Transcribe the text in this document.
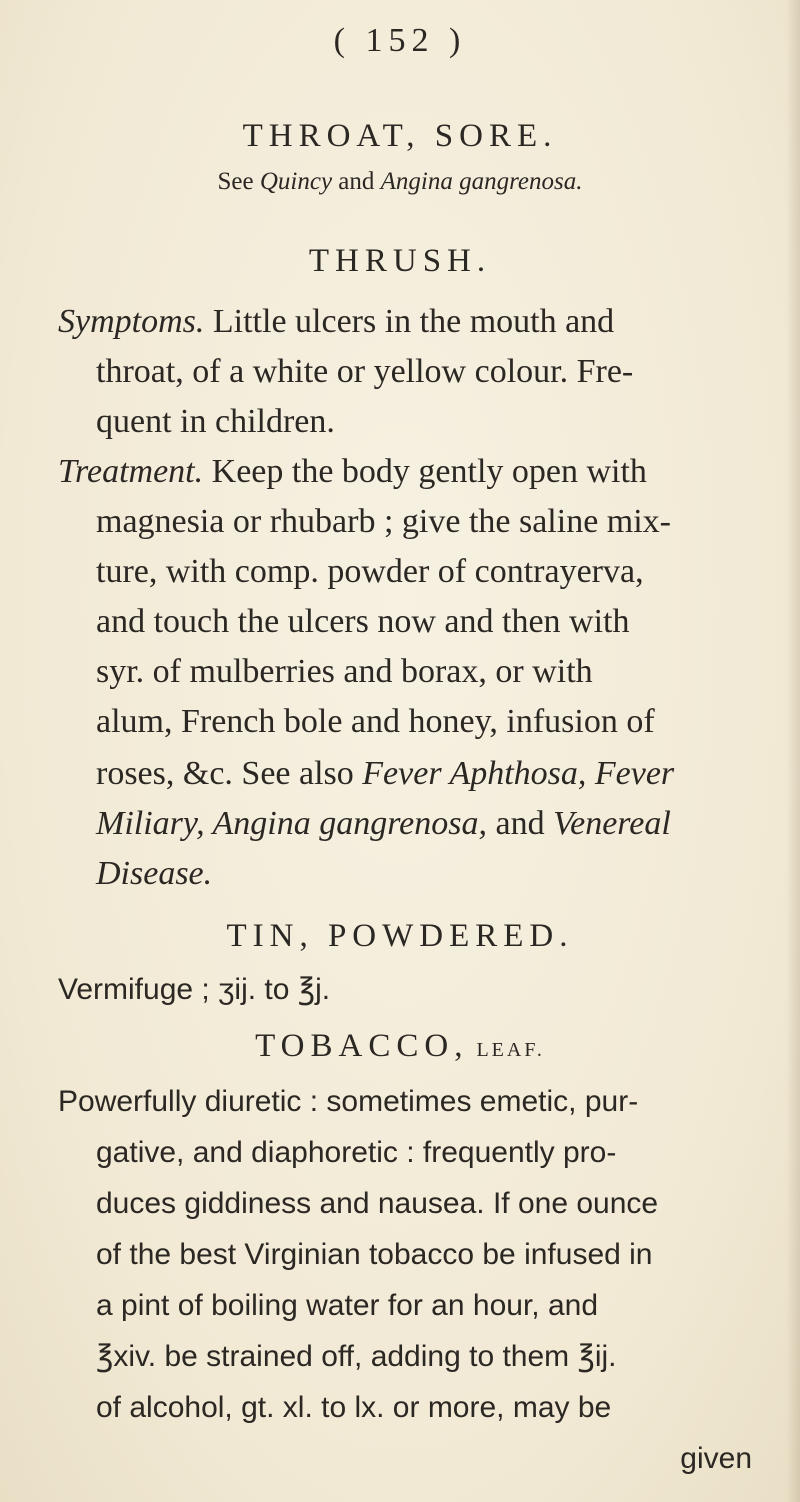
( 152 )
THROAT, SORE.
See Quincy and Angina gangrenosa.
THRUSH.
Symptoms. Little ulcers in the mouth and
throat, of a white or yellow colour. Fre-
quent in children.
Treatment. Keep the body gently open with
magnesia or rhubarb ; give the saline mix-
ture, with comp. powder of contrayerva,
and touch the ulcers now and then with
syr. of mulberries and borax, or with
alum, French bole and honey, infusion of
roses, &c. See also Fever Aphthosa, Fever
Miliary, Angina gangrenosa, and Venereal
Disease.
TIN, POWDERED.
Vermifuge ; ʒij. to ℥j.
TOBACCO, LEAF.
Powerfully diuretic : sometimes emetic, pur-
gative, and diaphoretic : frequently pro-
duces giddiness and nausea. If one ounce
of the best Virginian tobacco be infused in
a pint of boiling water for an hour, and
℥xiv. be strained off, adding to them ℥ij.
of alcohol, gt. xl. to lx. or more, may be
given
